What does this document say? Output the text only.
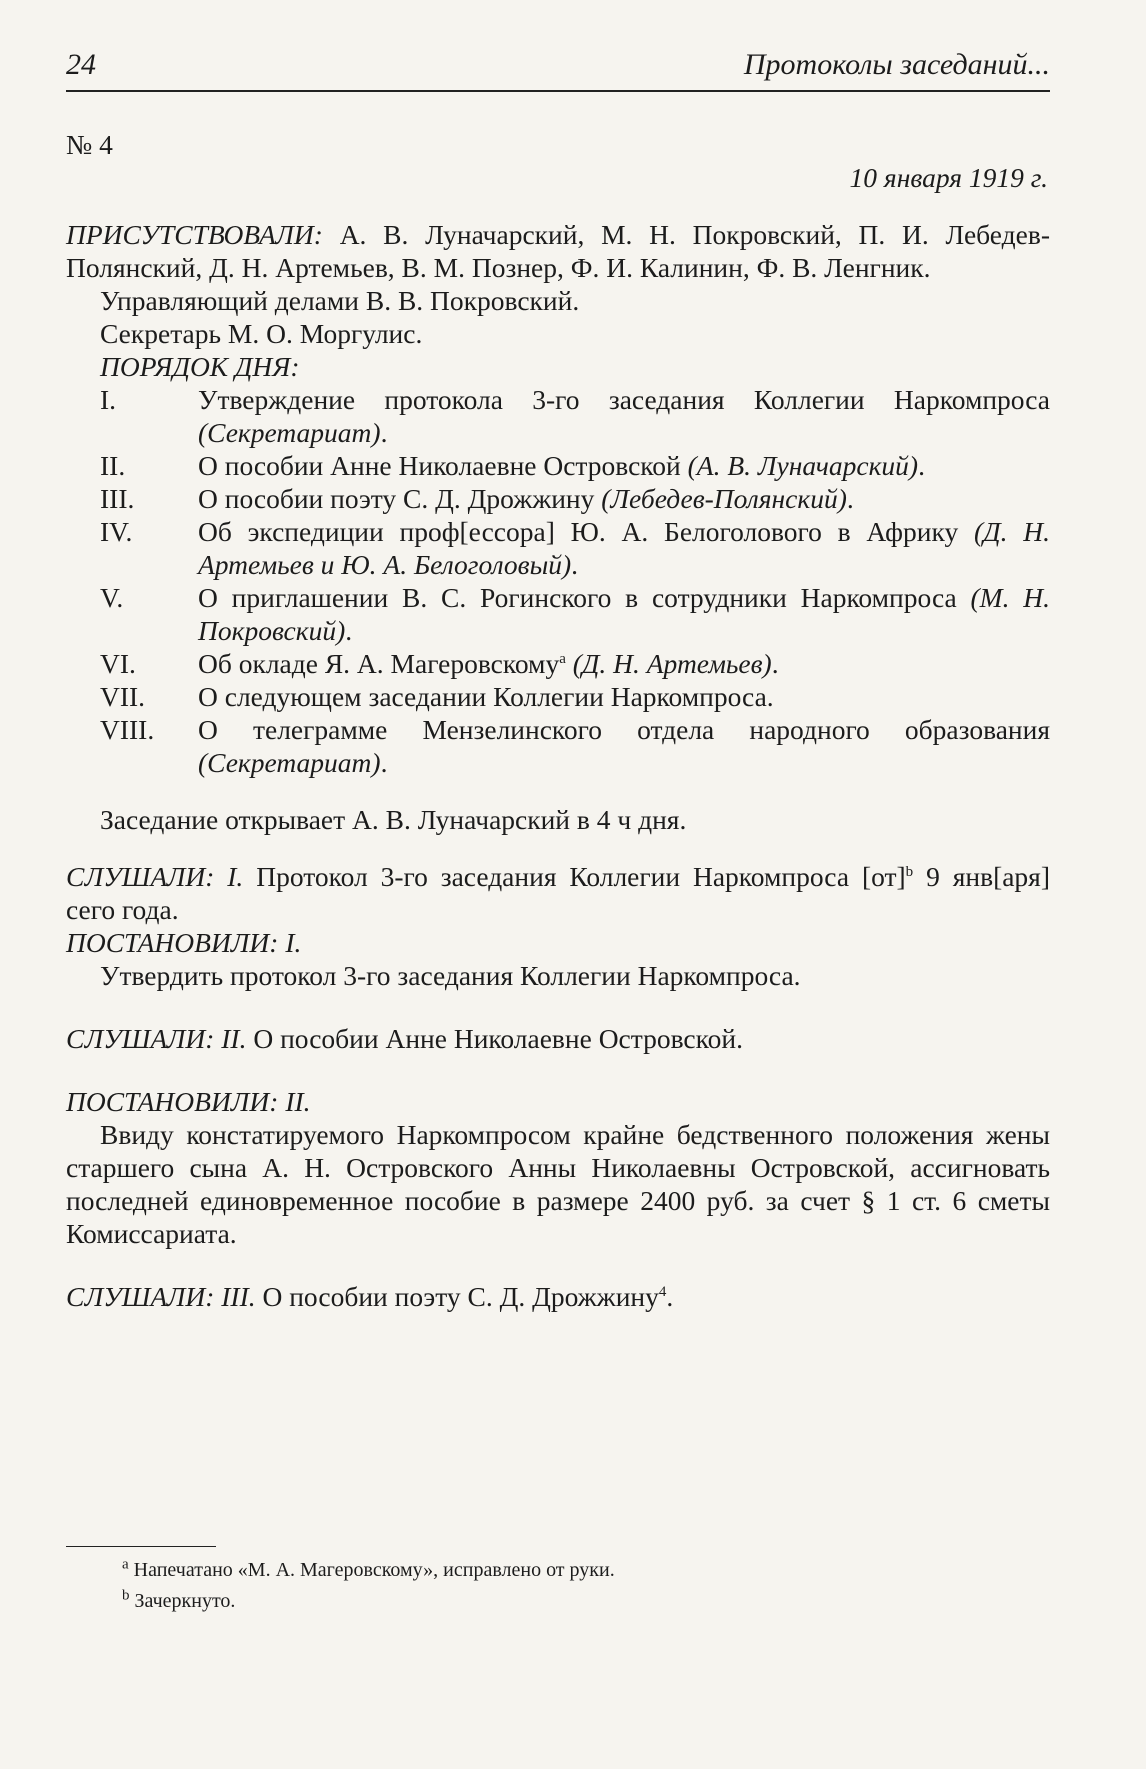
24	Протоколы заседаний...
№ 4
10 января 1919 г.
ПРИСУТСТВОВАЛИ: А. В. Луначарский, М. Н. Покровский, П. И. Лебедев-Полянский, Д. Н. Артемьев, В. М. Познер, Ф. И. Калинин, Ф. В. Ленгник.
Управляющий делами В. В. Покровский.
Секретарь М. О. Моргулис.
ПОРЯДОК ДНЯ:
I.	Утверждение протокола 3-го заседания Коллегии Наркомпроса (Секретариат).
II.	О пособии Анне Николаевне Островской (А. В. Луначарский).
III.	О пособии поэту С. Д. Дрожжину (Лебедев-Полянский).
IV.	Об экспедиции проф[ессора] Ю. А. Белоголового в Африку (Д. Н. Артемьев и Ю. А. Белоголовый).
V.	О приглашении В. С. Рогинского в сотрудники Наркомпроса (М. Н. Покровский).
VI.	Об окладе Я. А. Магеровскому$^a$ (Д. Н. Артемьев).
VII.	О следующем заседании Коллегии Наркомпроса.
VIII.	О телеграмме Мензелинского отдела народного образования (Секретариат).
Заседание открывает А. В. Луначарский в 4 ч дня.
СЛУШАЛИ: I. Протокол 3-го заседания Коллегии Наркомпроса [от]$^b$ 9 янв[аря] сего года.
ПОСТАНОВИЛИ: I.
Утвердить протокол 3-го заседания Коллегии Наркомпроса.
СЛУШАЛИ: II. О пособии Анне Николаевне Островской.
ПОСТАНОВИЛИ: II.
Ввиду констатируемого Наркомпросом крайне бедственного положения жены старшего сына А. Н. Островского Анны Николаевны Островской, ассигновать последней единовременное пособие в размере 2400 руб. за счет § 1 ст. 6 сметы Комиссариата.
СЛУШАЛИ: III. О пособии поэту С. Д. Дрожжину$^4$.
$^a$ Напечатано «М. А. Магеровскому», исправлено от руки.
$^b$ Зачеркнуто.
